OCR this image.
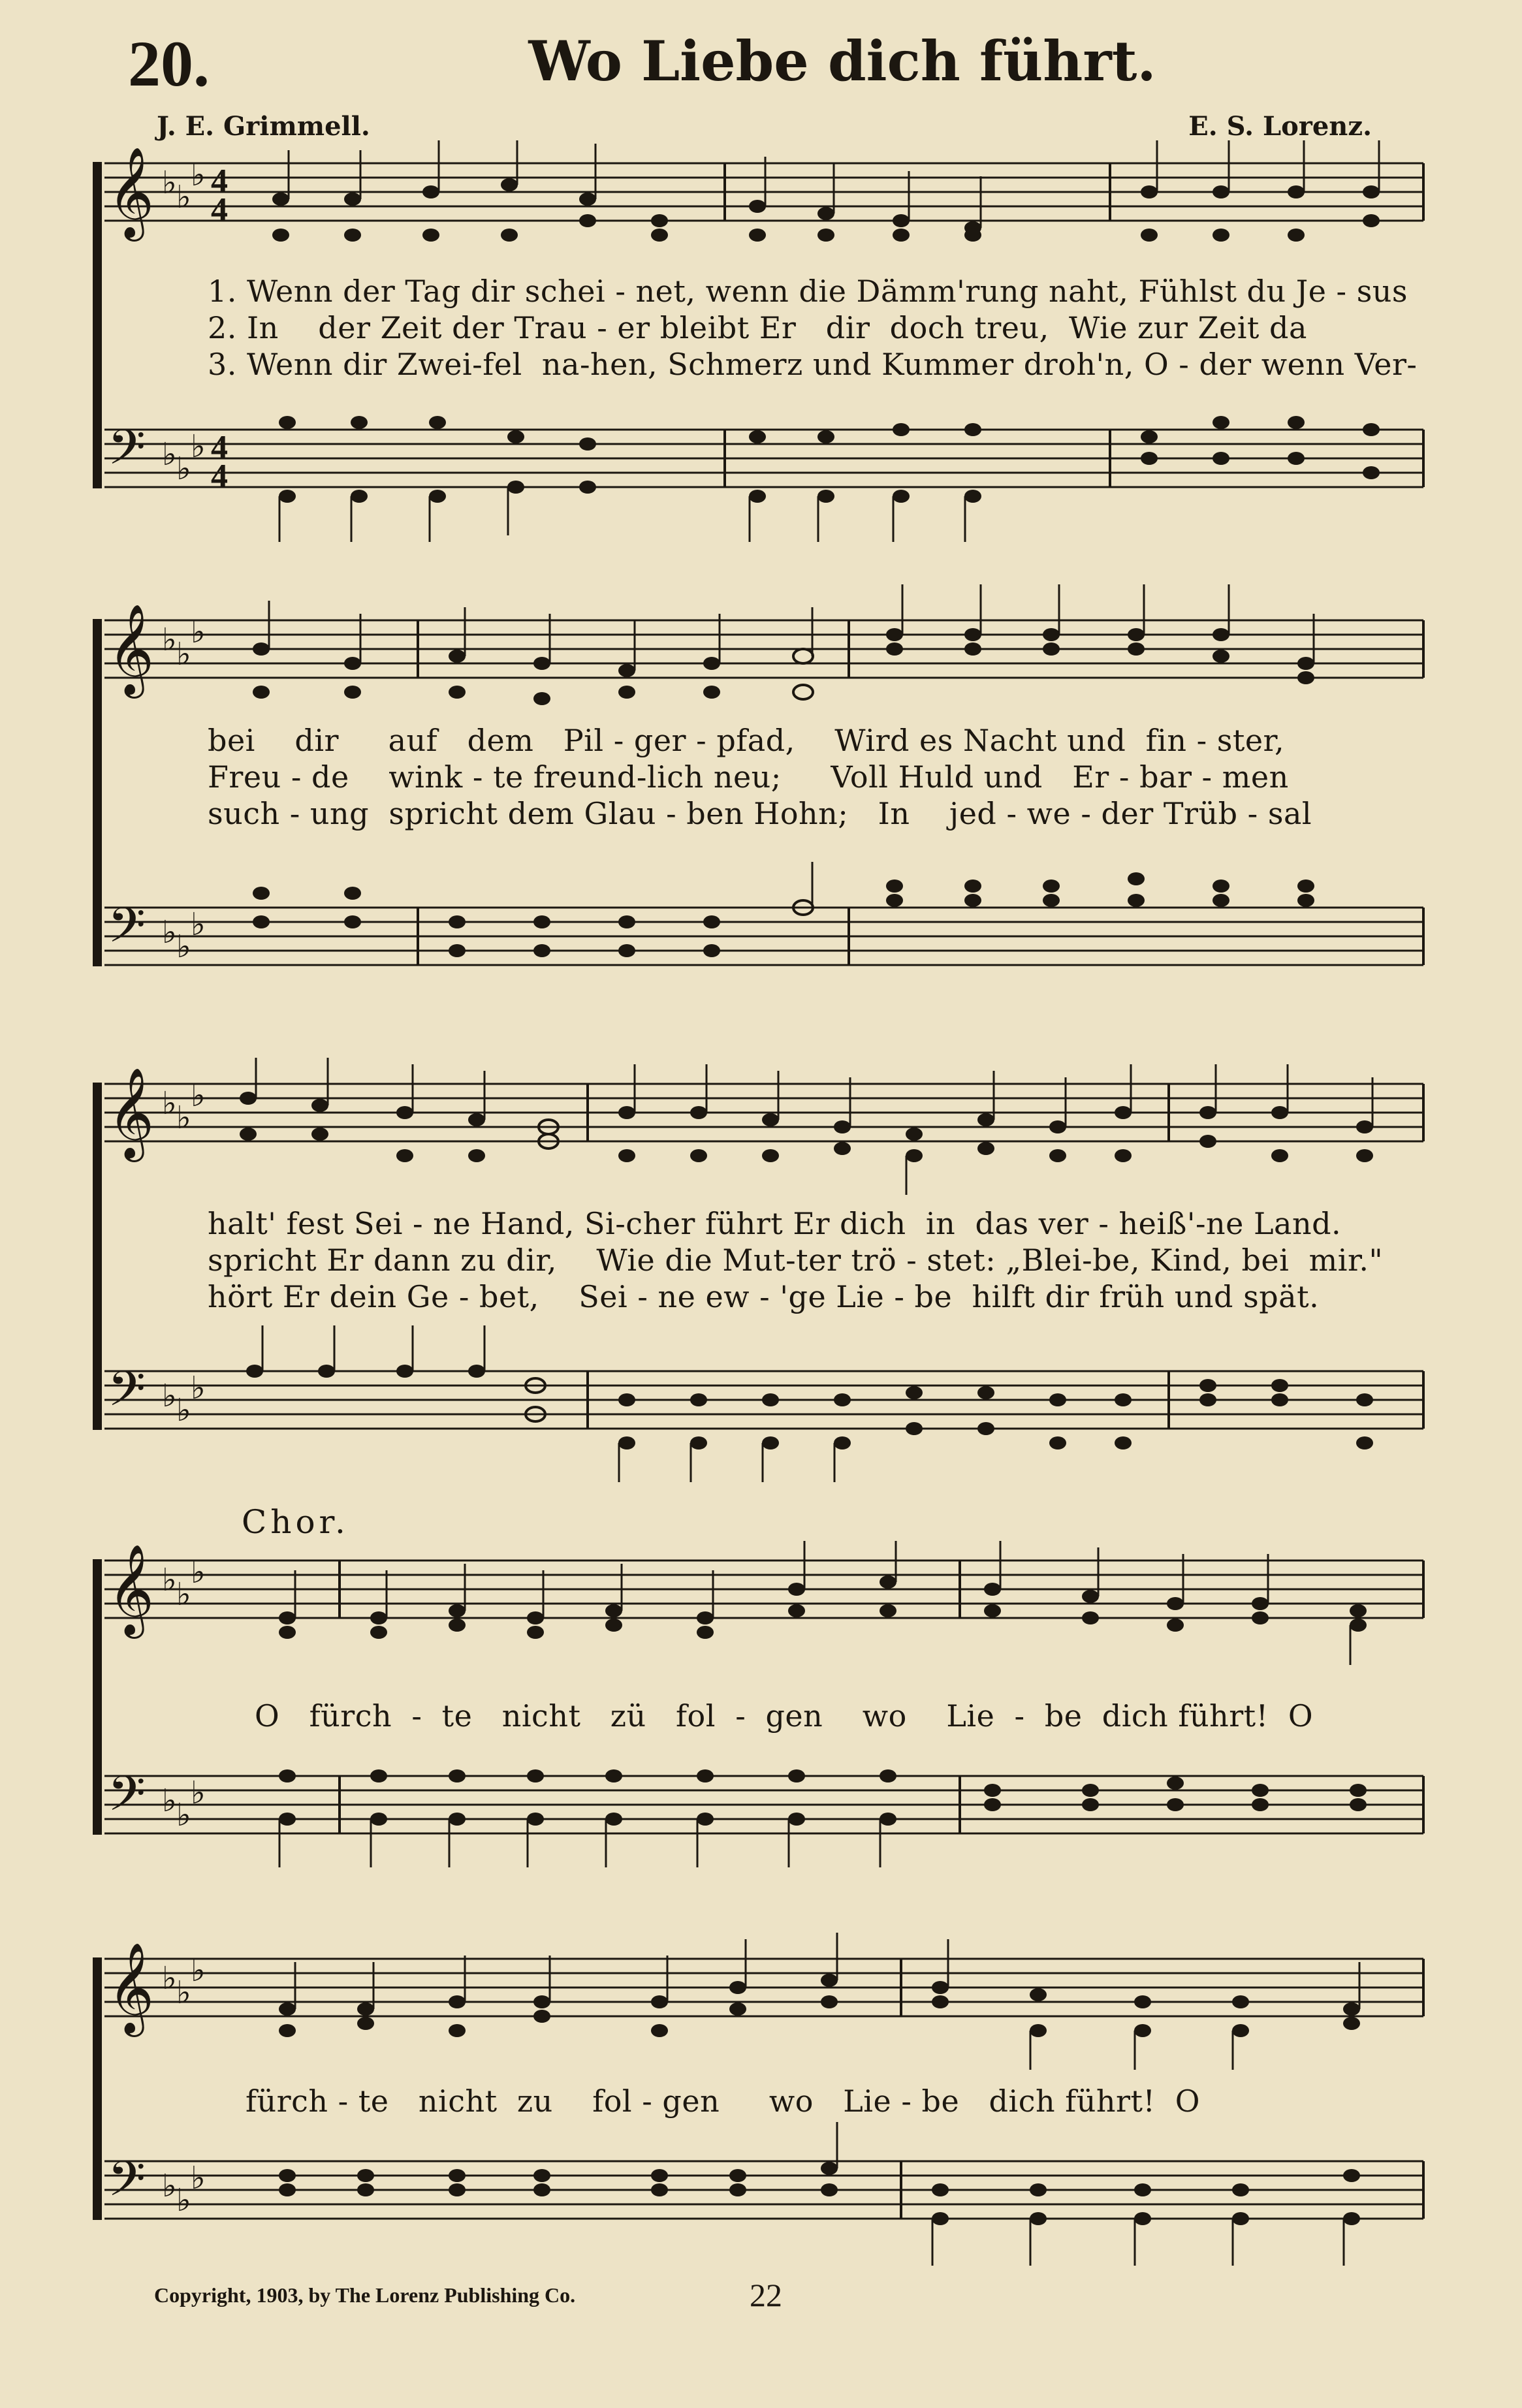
20.	Wo Liebe dich führt.
J. E. Grimmell.	E. S. Lorenz.
𝄞
𝄢
♭ ♭
♭
♭ ♭
♭
4
4
4
4
1. Wenn der Tag dir schei - net, wenn die Dämm'rung naht, Fühlst du Je - sus
2. In    der Zeit der Trau - er bleibt Er   dir  doch treu,  Wie zur Zeit da
3. Wenn dir Zwei-fel  na-hen, Schmerz und Kummer droh'n, O - der wenn Ver-
𝄞
𝄢
♭ ♭
♭
♭ ♭
♭
bei    dir     auf   dem   Pil - ger - pfad,    Wird es Nacht und  fin - ster,
Freu - de    wink - te freund-lich neu;     Voll Huld und   Er - bar - men
such - ung  spricht dem Glau - ben Hohn;   In    jed - we - der Trüb - sal
𝄞
𝄢
♭ ♭
♭
♭ ♭
♭
halt' fest Sei - ne Hand, Si-cher führt Er dich  in  das ver - heiß'-ne Land.
spricht Er dann zu dir,    Wie die Mut-ter trö - stet: „Blei-be, Kind, bei  mir."
hört Er dein Ge - bet,    Sei - ne ew - 'ge Lie - be  hilft dir früh und spät.
Chor.
𝄞
𝄢
♭ ♭
♭
♭ ♭
♭
O   fürch  -  te   nicht   zü   fol  -  gen    wo    Lie  -  be  dich führt!  O
𝄞
𝄢
♭ ♭
♭
♭ ♭
♭
fürch - te   nicht  zu    fol - gen     wo   Lie - be   dich führt!  O
Copyright, 1903, by The Lorenz Publishing Co.	22
